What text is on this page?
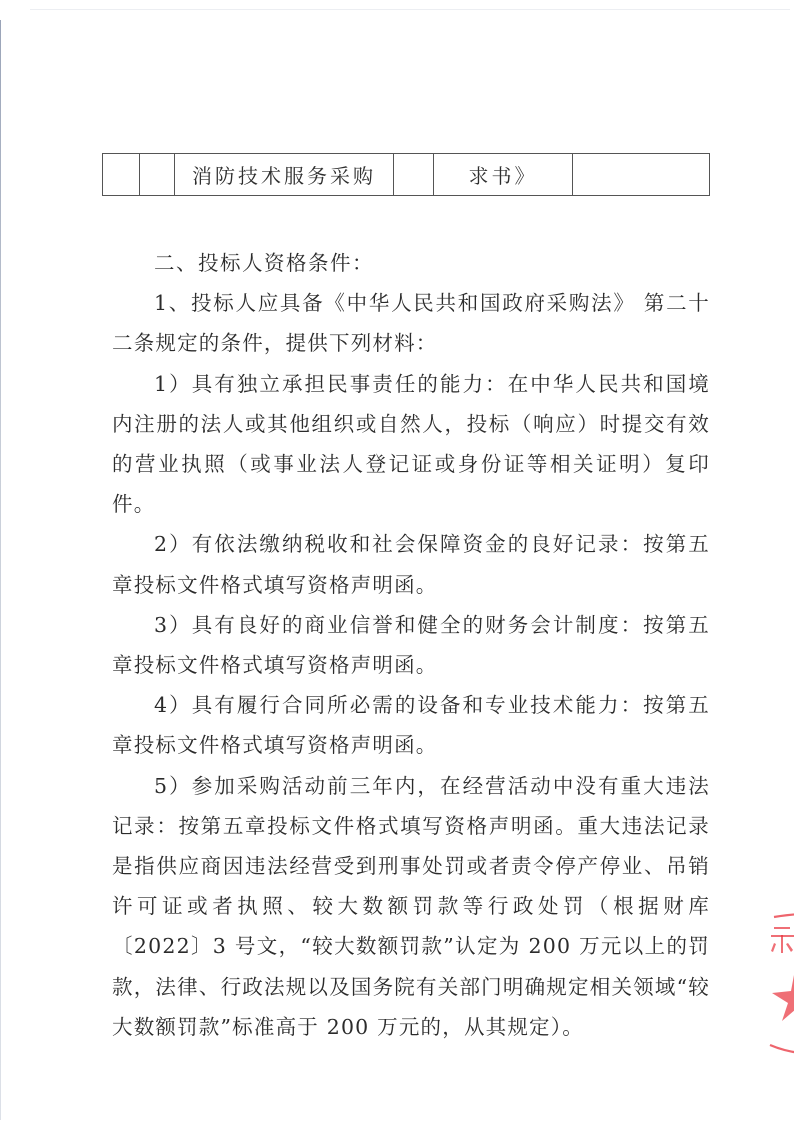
		消防技术服务采购		求书》	

二、投标人资格条件：

1、投标人应具备《中华人民共和国政府采购法》 第二十二条规定的条件，提供下列材料：

1）具有独立承担民事责任的能力：在中华人民共和国境内注册的法人或其他组织或自然人，投标（响应）时提交有效的营业执照（或事业法人登记证或身份证等相关证明）复印件。

2）有依法缴纳税收和社会保障资金的良好记录：按第五章投标文件格式填写资格声明函。

3）具有良好的商业信誉和健全的财务会计制度：按第五章投标文件格式填写资格声明函。

4）具有履行合同所必需的设备和专业技术能力：按第五章投标文件格式填写资格声明函。

5）参加采购活动前三年内，在经营活动中没有重大违法记录：按第五章投标文件格式填写资格声明函。重大违法记录是指供应商因违法经营受到刑事处罚或者责令停产停业、吊销许可证或者执照、较大数额罚款等行政处罚（根据财库〔2022〕3 号文，“较大数额罚款”认定为 200 万元以上的罚款，法律、行政法规以及国务院有关部门明确规定相关领域“较大数额罚款”标准高于 200 万元的，从其规定）。
